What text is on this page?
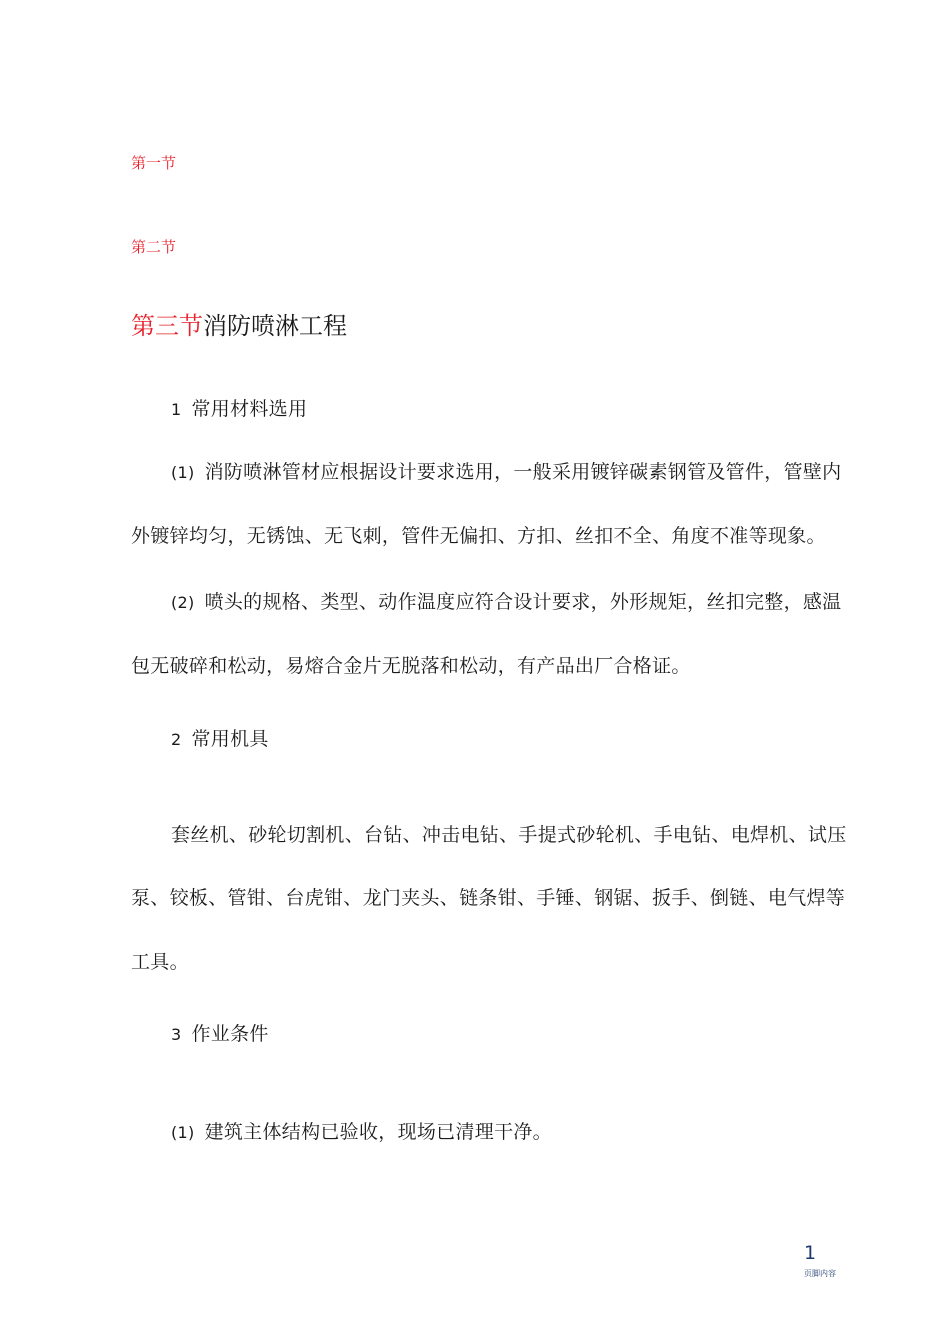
第一节
第二节
第三节消防喷淋工程
1 常用材料选用
(1) 消防喷淋管材应根据设计要求选用，一般采用镀锌碳素钢管及管件，管壁内
外镀锌均匀，无锈蚀、无飞刺，管件无偏扣、方扣、丝扣不全、角度不准等现象。
(2) 喷头的规格、类型、动作温度应符合设计要求，外形规矩，丝扣完整，感温
包无破碎和松动，易熔合金片无脱落和松动，有产品出厂合格证。
2 常用机具
套丝机、砂轮切割机、台钻、冲击电钻、手提式砂轮机、手电钻、电焊机、试压
泵、铰板、管钳、台虎钳、龙门夹头、链条钳、手锤、钢锯、扳手、倒链、电气焊等
工具。
3 作业条件
(1) 建筑主体结构已验收，现场已清理干净。
1
页脚内容
